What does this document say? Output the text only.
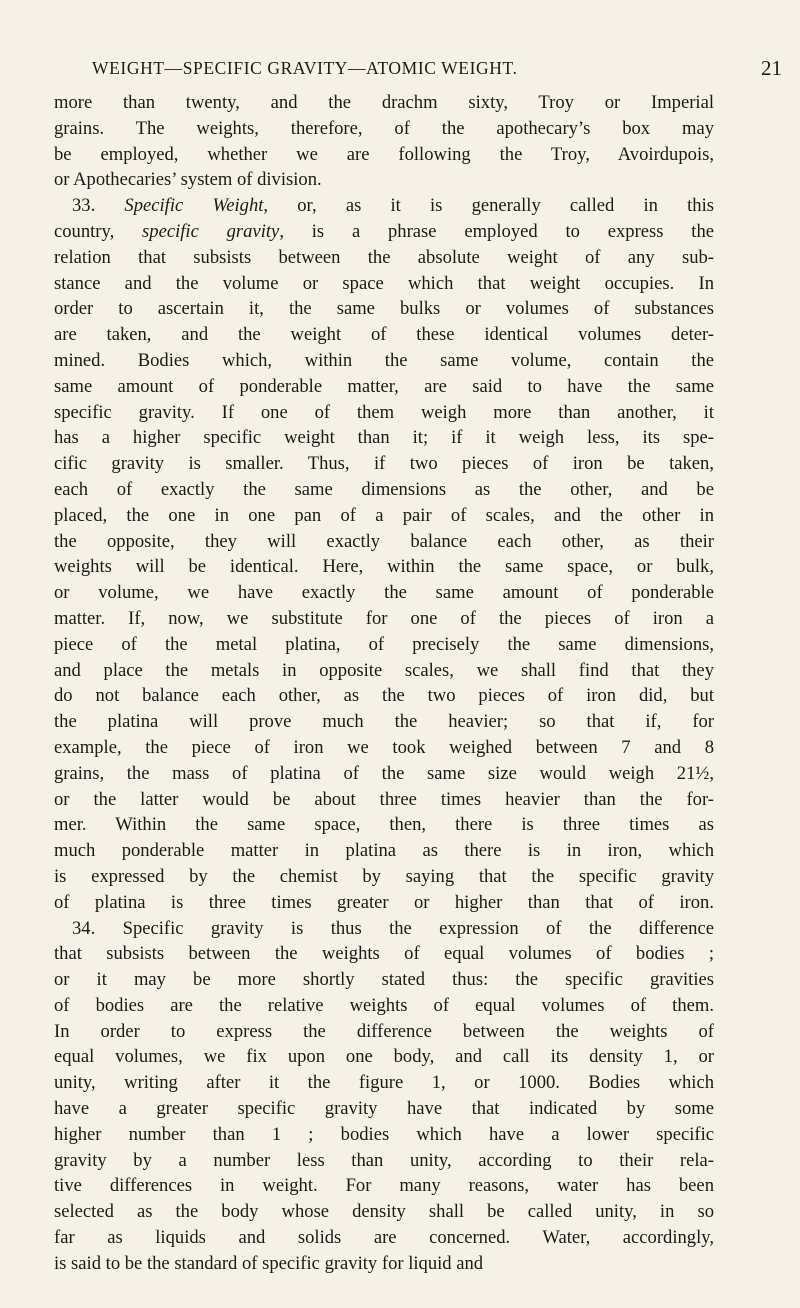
WEIGHT—SPECIFIC GRAVITY—ATOMIC WEIGHT.	21
more than twenty, and the drachm sixty, Troy or Imperial
grains. The weights, therefore, of the apothecary’s box may
be employed, whether we are following the Troy, Avoirdupois,
or Apothecaries’ system of division.
33. Specific Weight, or, as it is generally called in this
country, specific gravity, is a phrase employed to express the
relation that subsists between the absolute weight of any sub-
stance and the volume or space which that weight occupies. In
order to ascertain it, the same bulks or volumes of substances
are taken, and the weight of these identical volumes deter-
mined. Bodies which, within the same volume, contain the
same amount of ponderable matter, are said to have the same
specific gravity. If one of them weigh more than another, it
has a higher specific weight than it; if it weigh less, its spe-
cific gravity is smaller. Thus, if two pieces of iron be taken,
each of exactly the same dimensions as the other, and be
placed, the one in one pan of a pair of scales, and the other in
the opposite, they will exactly balance each other, as their
weights will be identical. Here, within the same space, or bulk,
or volume, we have exactly the same amount of ponderable
matter. If, now, we substitute for one of the pieces of iron a
piece of the metal platina, of precisely the same dimensions,
and place the metals in opposite scales, we shall find that they
do not balance each other, as the two pieces of iron did, but
the platina will prove much the heavier; so that if, for
example, the piece of iron we took weighed between 7 and 8
grains, the mass of platina of the same size would weigh 21½,
or the latter would be about three times heavier than the for-
mer. Within the same space, then, there is three times as
much ponderable matter in platina as there is in iron, which
is expressed by the chemist by saying that the specific gravity
of platina is three times greater or higher than that of iron.
34. Specific gravity is thus the expression of the difference
that subsists between the weights of equal volumes of bodies ;
or it may be more shortly stated thus: the specific gravities
of bodies are the relative weights of equal volumes of them.
In order to express the difference between the weights of
equal volumes, we fix upon one body, and call its density 1, or
unity, writing after it the figure 1, or 1000. Bodies which
have a greater specific gravity have that indicated by some
higher number than 1 ; bodies which have a lower specific
gravity by a number less than unity, according to their rela-
tive differences in weight. For many reasons, water has been
selected as the body whose density shall be called unity, in so
far as liquids and solids are concerned. Water, accordingly,
is said to be the standard of specific gravity for liquid and
